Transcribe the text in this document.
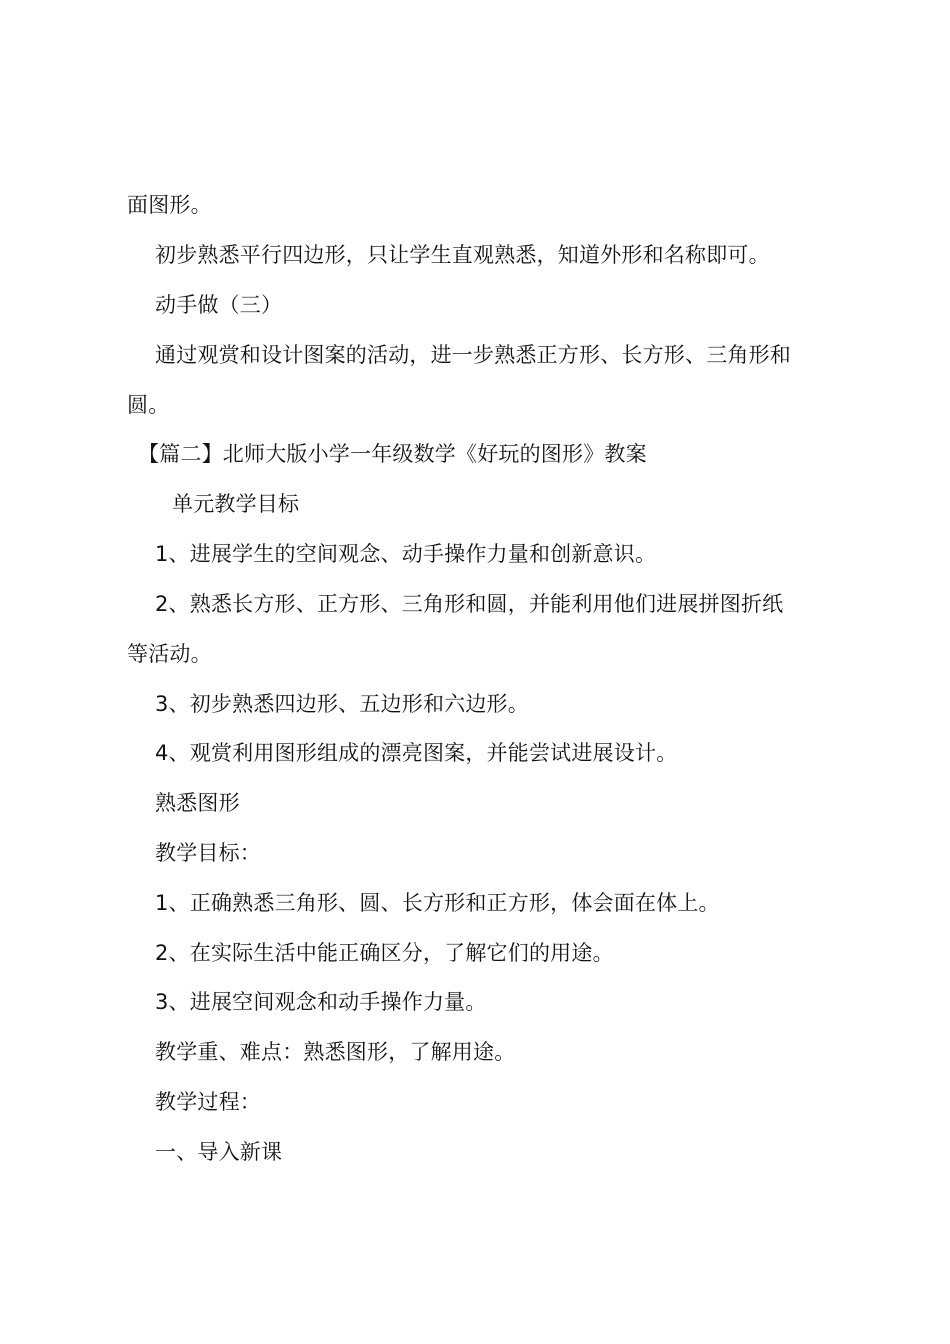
面图形。
初步熟悉平行四边形，只让学生直观熟悉，知道外形和名称即可。
动手做（三）
通过观赏和设计图案的活动，进一步熟悉正方形、长方形、三角形和
圆。
【篇二】北师大版小学一年级数学《好玩的图形》教案
单元教学目标
1、进展学生的空间观念、动手操作力量和创新意识。
2、熟悉长方形、正方形、三角形和圆，并能利用他们进展拼图折纸
等活动。
3、初步熟悉四边形、五边形和六边形。
4、观赏利用图形组成的漂亮图案，并能尝试进展设计。
熟悉图形
教学目标：
1、正确熟悉三角形、圆、长方形和正方形，体会面在体上。
2、在实际生活中能正确区分，了解它们的用途。
3、进展空间观念和动手操作力量。
教学重、难点：熟悉图形，了解用途。
教学过程：
一、导入新课
